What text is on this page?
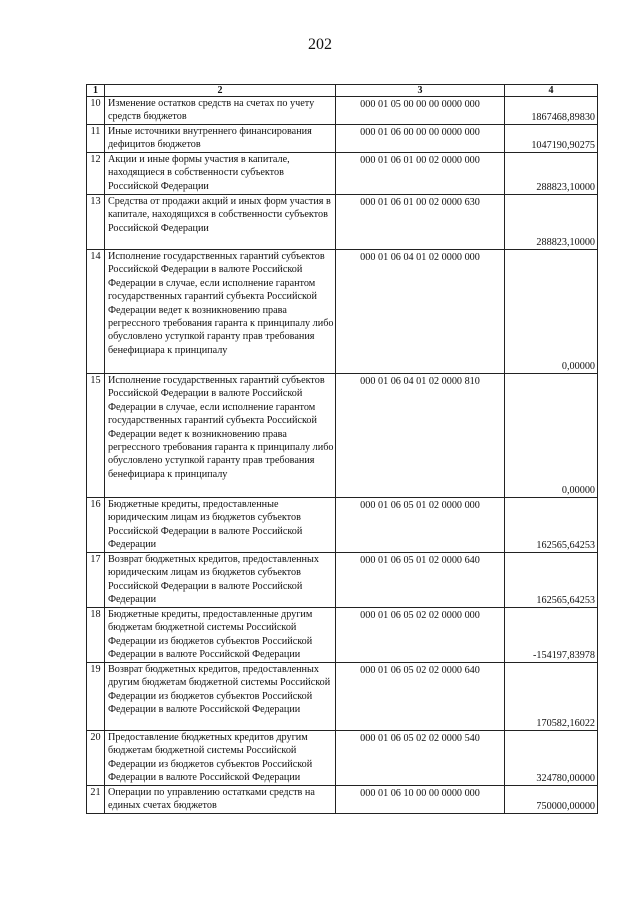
202
1	2	3	4
10	Изменение остатков средств на счетах по учету средств бюджетов	000 01 05 00 00 00 0000 000	1867468,89830
11	Иные источники внутреннего финансирования дефицитов бюджетов	000 01 06 00 00 00 0000 000	1047190,90275
12	Акции и иные формы участия в капитале, находящиеся в собственности субъектов Российской Федерации	000 01 06 01 00 02 0000 000	288823,10000
13	Средства от продажи акций и иных форм участия в капитале, находящихся в собственности субъектов Российской Федерации	000 01 06 01 00 02 0000 630	288823,10000
14	Исполнение государственных гарантий субъектов Российской Федерации в валюте Российской Федерации в случае, если исполнение гарантом государственных гарантий субъекта Российской Федерации ведет к возникновению права регрессного требования гаранта к принципалу либо обусловлено уступкой гаранту прав требования бенефициара к принципалу	000 01 06 04 01 02 0000 000	0,00000
15	Исполнение государственных гарантий субъектов Российской Федерации в валюте Российской Федерации в случае, если исполнение гарантом государственных гарантий субъекта Российской Федерации ведет к возникновению права регрессного требования гаранта к принципалу либо обусловлено уступкой гаранту прав требования бенефициара к принципалу	000 01 06 04 01 02 0000 810	0,00000
16	Бюджетные кредиты, предоставленные юридическим лицам из бюджетов субъектов Российской Федерации в валюте Российской Федерации	000 01 06 05 01 02 0000 000	162565,64253
17	Возврат бюджетных кредитов, предоставленных юридическим лицам из бюджетов субъектов Российской Федерации в валюте Российской Федерации	000 01 06 05 01 02 0000 640	162565,64253
18	Бюджетные кредиты, предоставленные другим бюджетам бюджетной системы Российской Федерации из бюджетов субъектов Российской Федерации в валюте Российской Федерации	000 01 06 05 02 02 0000 000	-154197,83978
19	Возврат бюджетных кредитов, предоставленных другим бюджетам бюджетной системы Российской Федерации из бюджетов субъектов Российской Федерации в валюте Российской Федерации	000 01 06 05 02 02 0000 640	170582,16022
20	Предоставление бюджетных кредитов другим бюджетам бюджетной системы Российской Федерации из бюджетов субъектов Российской Федерации в валюте Российской Федерации	000 01 06 05 02 02 0000 540	324780,00000
21	Операции по управлению остатками средств на единых счетах бюджетов	000 01 06 10 00 00 0000 000	750000,00000
